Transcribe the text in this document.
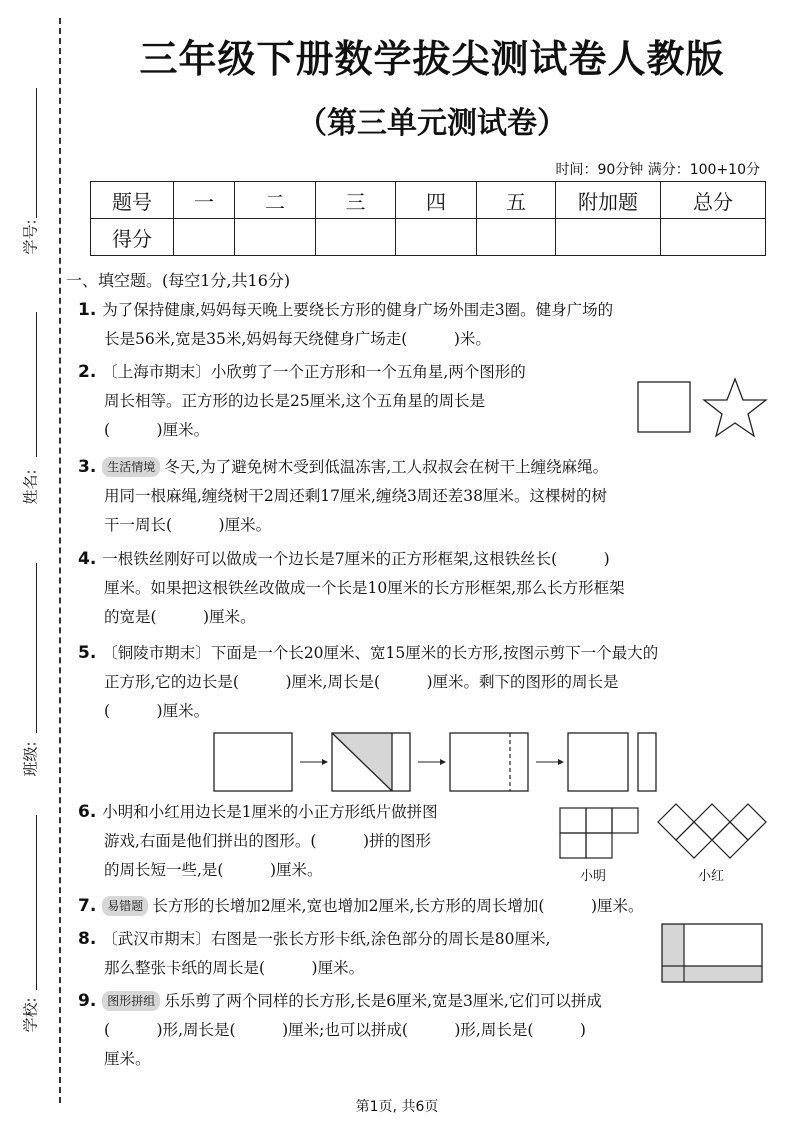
学号:
姓名:
班级:
学校:
三年级下册数学拔尖测试卷人教版
（第三单元测试卷）
时间：90分钟 满分：100+10分
题号	一	二	三	四	五	附加题	总分
得分							
一、填空题。(每空1分,共16分)
1. 为了保持健康,妈妈每天晚上要绕长方形的健身广场外围走3圈。健身广场的
长是56米,宽是35米,妈妈每天绕健身广场走(　　　)米。
2. 〔上海市期末〕小欣剪了一个正方形和一个五角星,两个图形的
周长相等。正方形的边长是25厘米,这个五角星的周长是
(　　　)厘米。
3. 生活情境 冬天,为了避免树木受到低温冻害,工人叔叔会在树干上缠绕麻绳。
用同一根麻绳,缠绕树干2周还剩17厘米,缠绕3周还差38厘米。这棵树的树
干一周长(　　　)厘米。
4. 一根铁丝刚好可以做成一个边长是7厘米的正方形框架,这根铁丝长(　　　)
厘米。如果把这根铁丝改做成一个长是10厘米的长方形框架,那么长方形框架
的宽是(　　　)厘米。
5. 〔铜陵市期末〕下面是一个长20厘米、宽15厘米的长方形,按图示剪下一个最大的
正方形,它的边长是(　　　)厘米,周长是(　　　)厘米。剩下的图形的周长是
(　　　)厘米。
6. 小明和小红用边长是1厘米的小正方形纸片做拼图
游戏,右面是他们拼出的图形。(　　　)拼的图形
的周长短一些,是(　　　)厘米。	小明	小红
7. 易错题 长方形的长增加2厘米,宽也增加2厘米,长方形的周长增加(　　　)厘米。
8. 〔武汉市期末〕右图是一张长方形卡纸,涂色部分的周长是80厘米,
那么整张卡纸的周长是(　　　)厘米。
9. 图形拼组 乐乐剪了两个同样的长方形,长是6厘米,宽是3厘米,它们可以拼成
(　　　)形,周长是(　　　)厘米;也可以拼成(　　　)形,周长是(　　　)
厘米。
第1页, 共6页
